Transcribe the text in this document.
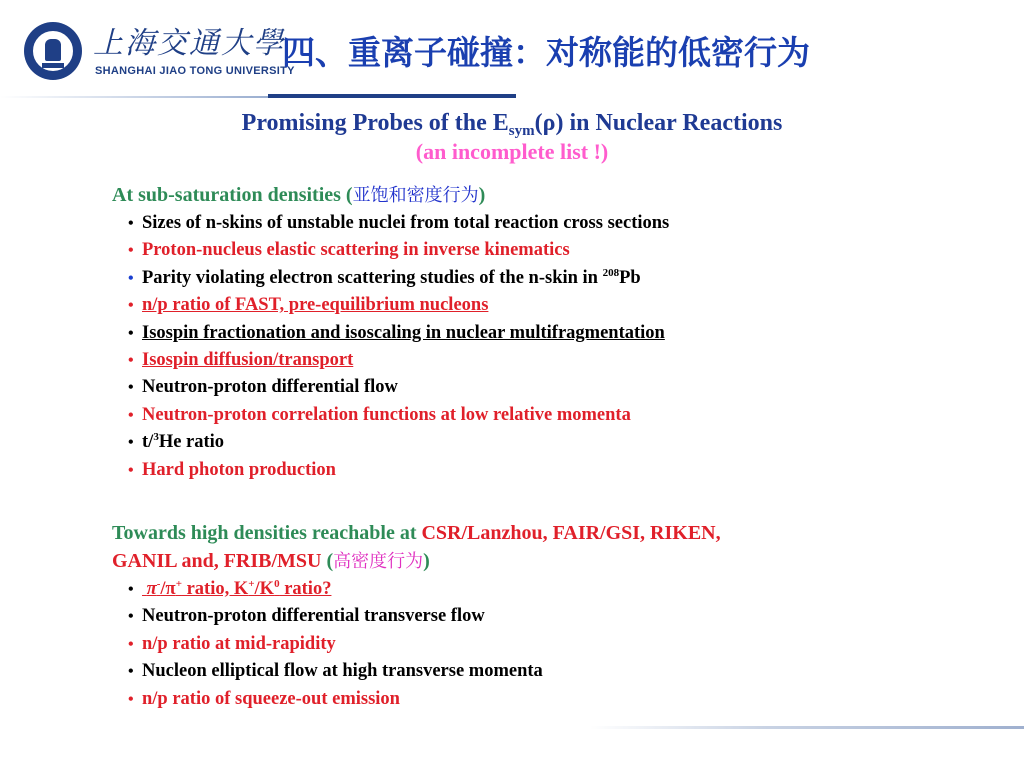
上海交通大學
SHANGHAI JIAO TONG UNIVERSITY
四、重离子碰撞：对称能的低密行为
Promising Probes of the $E_{sym}(\rho)$ in Nuclear Reactions
(an incomplete list !)
At sub-saturation densities (亚饱和密度行为)
• Sizes of n-skins of unstable nuclei from total reaction cross sections
• Proton-nucleus elastic scattering in inverse kinematics
• Parity violating electron scattering studies of the n-skin in $^{208}$Pb
• n/p ratio of FAST, pre-equilibrium nucleons
• Isospin fractionation and isoscaling in nuclear multifragmentation
• Isospin diffusion/transport
• Neutron-proton differential flow
• Neutron-proton correlation functions at low relative momenta
• t/$^3$He ratio
• Hard photon production
Towards high densities reachable at CSR/Lanzhou, FAIR/GSI, RIKEN,
GANIL and, FRIB/MSU (高密度行为)
• π-/π+ ratio, $K^+/K^0$ ratio?
• Neutron-proton differential transverse flow
• n/p ratio at mid-rapidity
• Nucleon elliptical flow at high transverse momenta
• n/p ratio of squeeze-out emission
